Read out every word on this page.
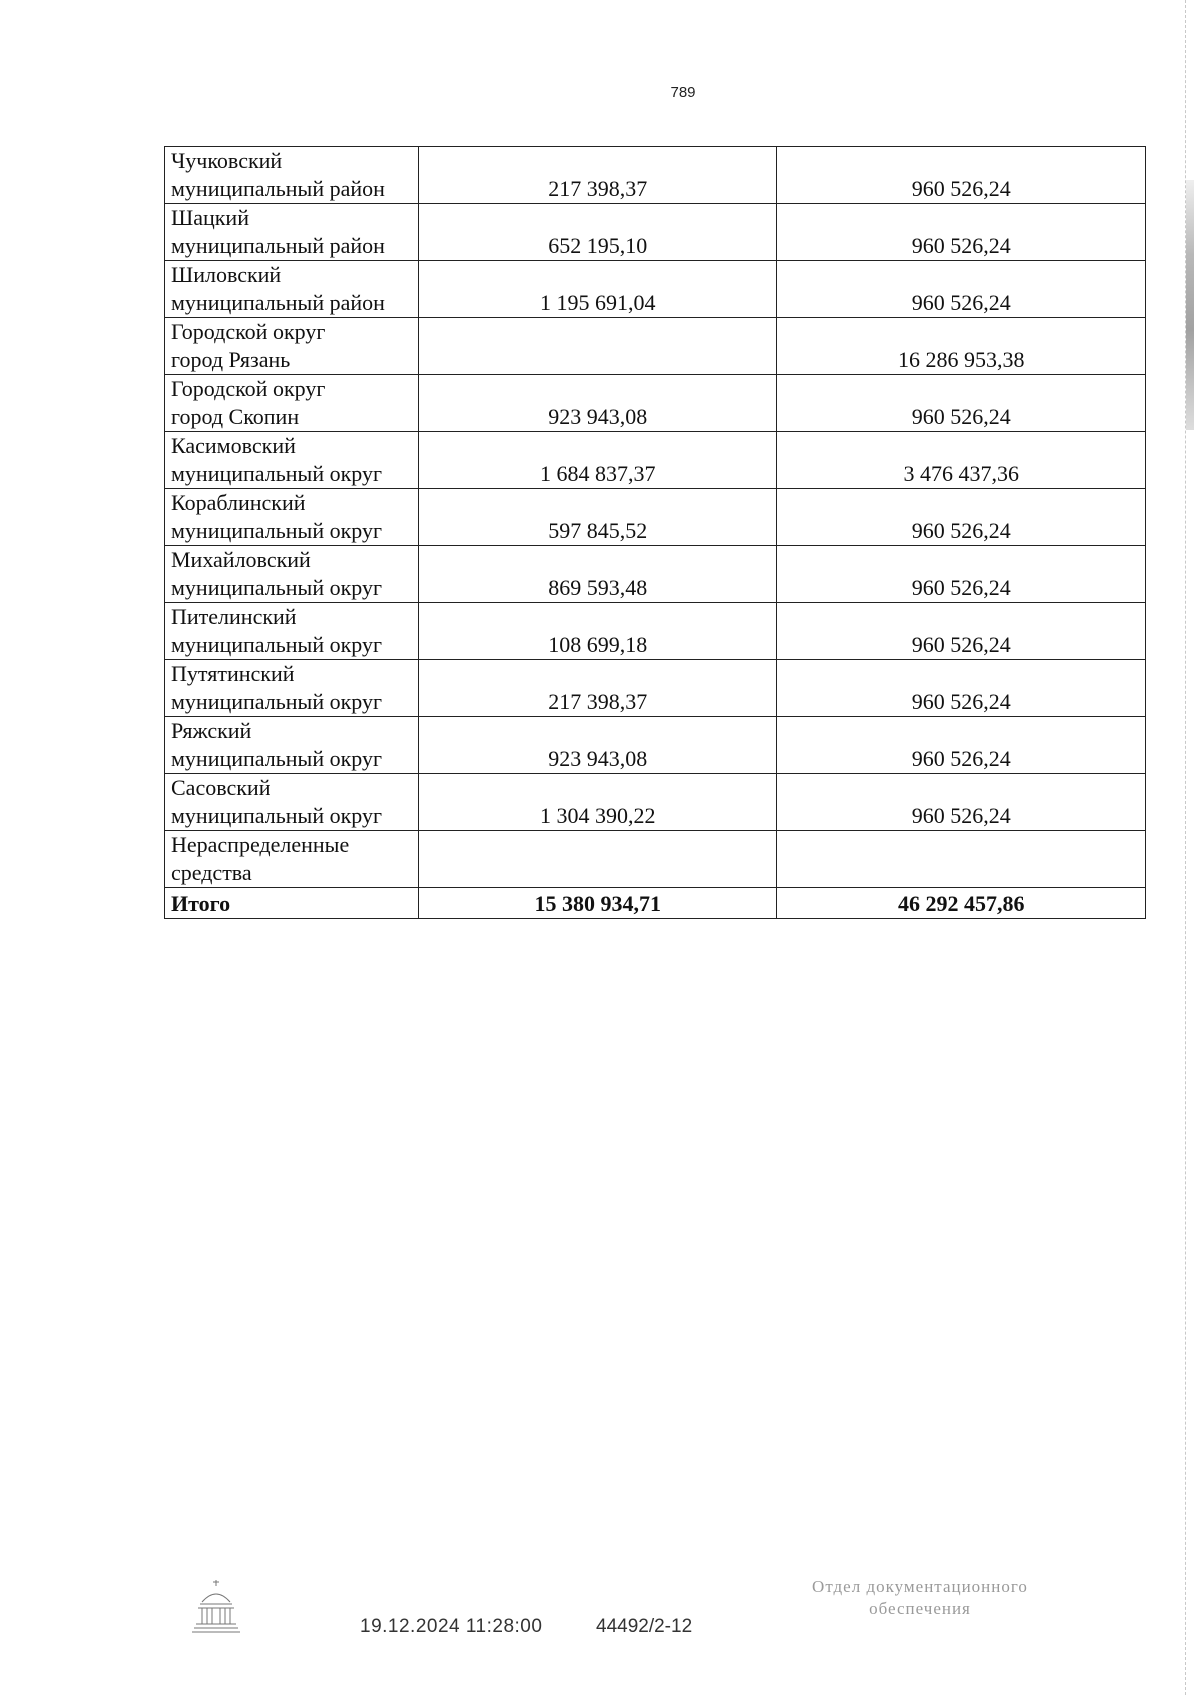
789
Чучковский
муниципальный район	217 398,37	960 526,24

Шацкий
муниципальный район	652 195,10	960 526,24

Шиловский
муниципальный район	1 195 691,04	960 526,24

Городской округ
город Рязань		16 286 953,38

Городской округ
город Скопин	923 943,08	960 526,24

Касимовский
муниципальный округ	1 684 837,37	3 476 437,36

Кораблинский
муниципальный округ	597 845,52	960 526,24

Михайловский
муниципальный округ	869 593,48	960 526,24

Пителинский
муниципальный округ	108 699,18	960 526,24

Путятинский
муниципальный округ	217 398,37	960 526,24

Ряжский
муниципальный округ	923 943,08	960 526,24

Сасовский
муниципальный округ	1 304 390,22	960 526,24

Нераспределенные
средства		

Итого	15 380 934,71	46 292 457,86
19.12.2024 11:28:00	44492/2-12
Отдел документационного
обеспечения
